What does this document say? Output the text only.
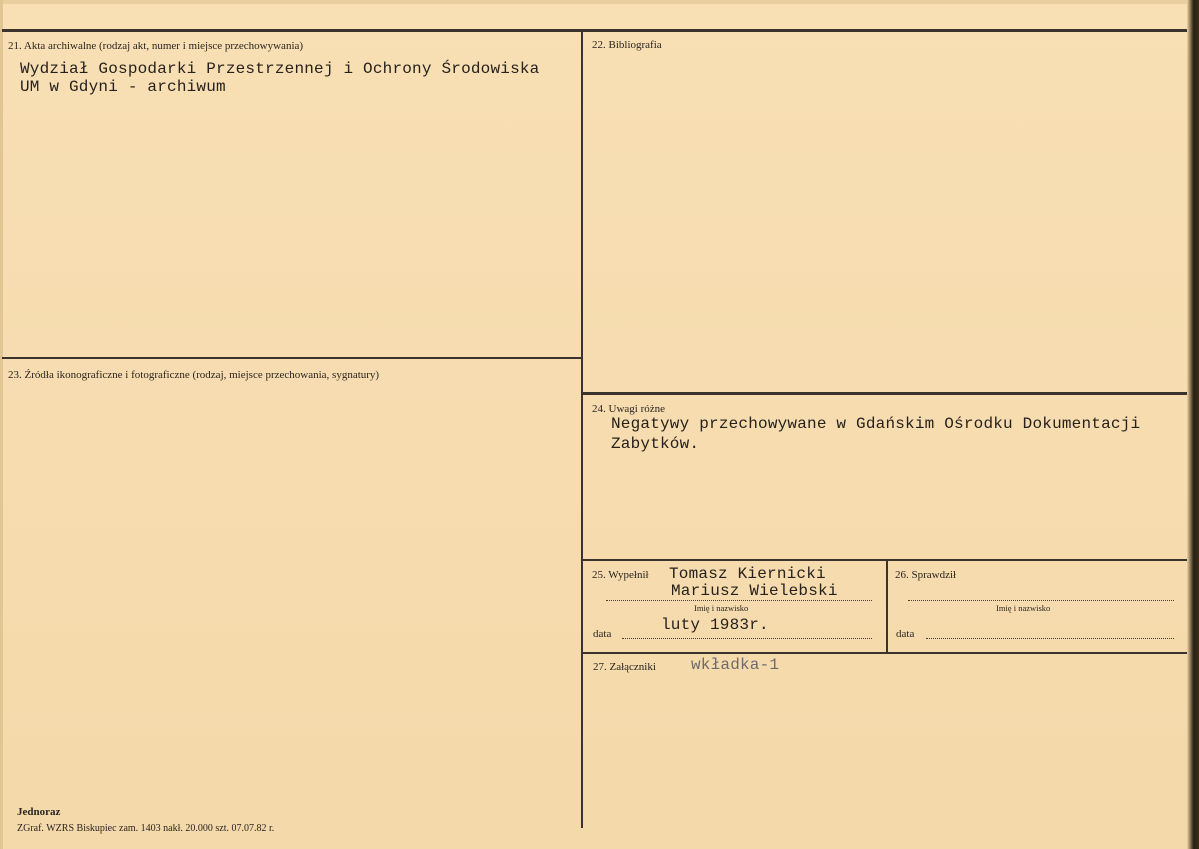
21. Akta archiwalne (rodzaj akt, numer i miejsce przechowywania)
Wydział Gospodarki Przestrzennej i Ochrony Środowiska
UM w Gdyni - archiwum
22. Bibliografia
23. Źródła ikonograficzne i fotograficzne (rodzaj, miejsce przechowania, sygnatury)
24. Uwagi różne
Negatywy przechowywane w Gdańskim Ośrodku Dokumentacji
Zabytków.
25. Wypełnił Tomasz Kiernicki
Mariusz Wielebski
Imię i nazwisko
data	luty 1983r.
26. Sprawdził
Imię i nazwisko
data
27. Załączniki wkładka-1
Jednoraz
ZGraf. WZRS Biskupiec zam. 1403 nakł. 20.000 szt. 07.07.82 r.
